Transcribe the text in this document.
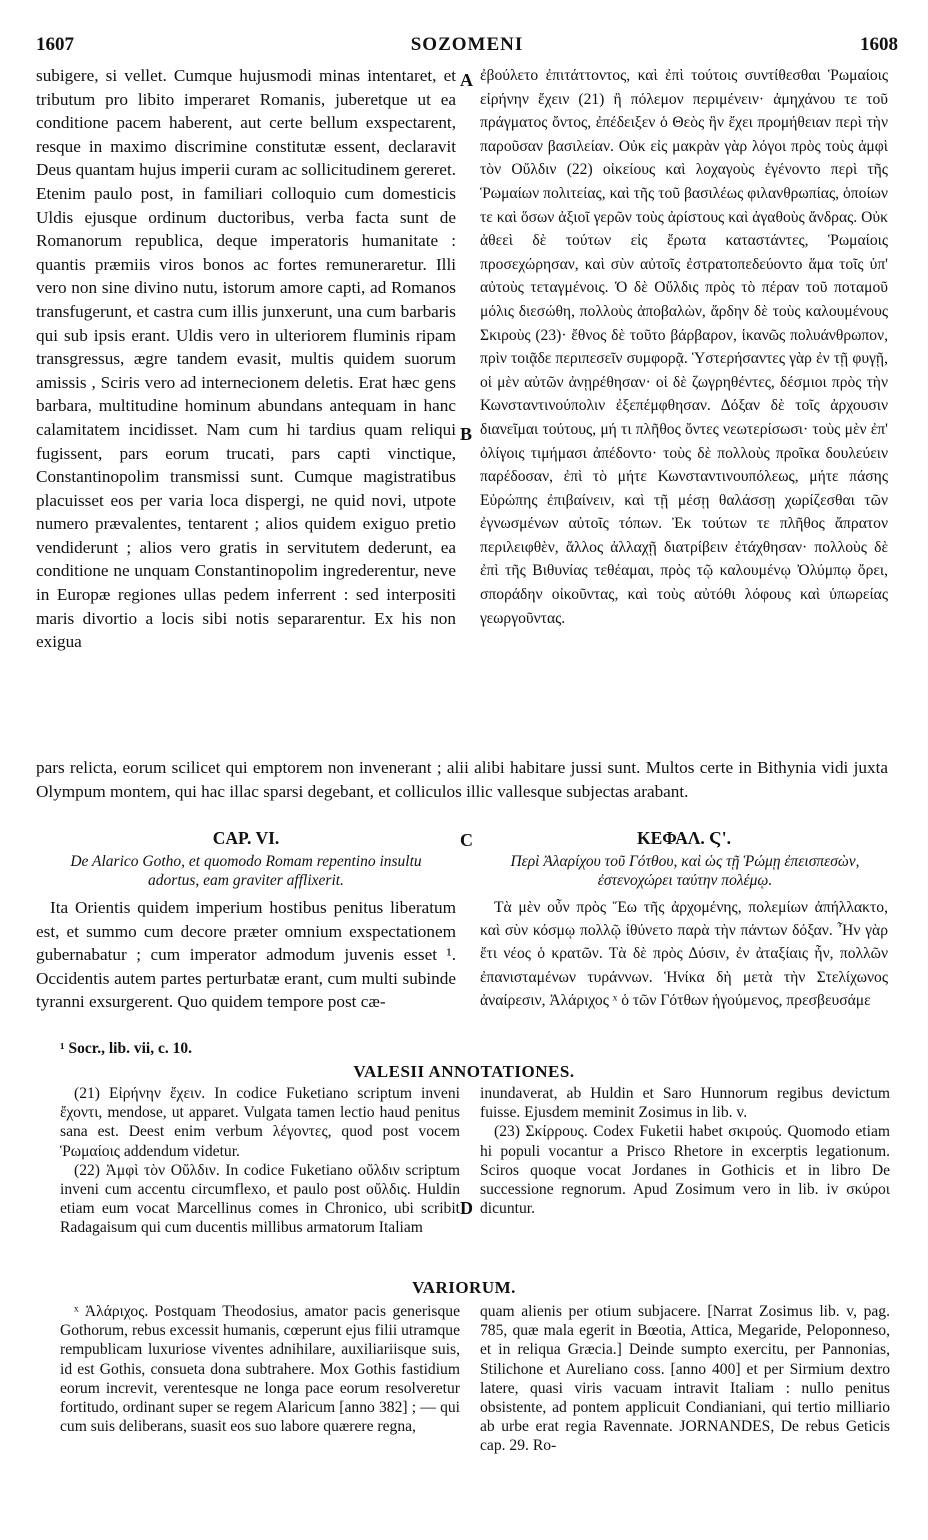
1607	SOZOMENI	1608
A
B
C
D

subigere, si vellet. Cumque hujusmodi minas intentaret, et tributum pro libito imperaret Romanis, juberetque ut ea conditione pacem haberent, aut certe bellum exspectarent, resque in maximo discrimine constitutæ essent, declaravit Deus quantam hujus imperii curam ac sollicitudinem gereret. Etenim paulo post, in familiari colloquio cum domesticis Uldis ejusque ordinum ductoribus, verba facta sunt de Romanorum republica, deque imperatoris humanitate : quantis præmiis viros bonos ac fortes remuneraretur. Illi vero non sine divino nutu, istorum amore capti, ad Romanos transfugerunt, et castra cum illis junxerunt, una cum barbaris qui sub ipsis erant. Uldis vero in ulteriorem fluminis ripam transgressus, ægre tandem evasit, multis quidem suorum amissis , Sciris vero ad internecionem deletis. Erat hæc gens barbara, multitudine hominum abundans antequam in hanc calamitatem incidisset. Nam cum hi tardius quam reliqui fugissent, pars eorum trucati, pars capti vinctique, Constantinopolim transmissi sunt. Cumque magistratibus placuisset eos per varia loca dispergi, ne quid novi, utpote numero prævalentes, tentarent ; alios quidem exiguo pretio vendiderunt ; alios vero gratis in servitutem dederunt, ea conditione ne unquam Constantinopolim ingrederentur, neve in Europæ regiones ullas pedem inferrent : sed interpositi maris divortio a locis sibi notis separarentur. Ex his non exigua

ἐβούλετο ἐπιτάττοντος, καὶ ἐπὶ τούτοις συντίθεσθαι Ῥωμαίοις εἰρήνην ἔχειν (21) ἢ πόλεμον περιμένειν· ἀμηχάνου τε τοῦ πράγματος ὄντος, ἐπέδειξεν ὁ Θεὸς ἣν ἔχει προμήθειαν περὶ τὴν παροῦσαν βασιλείαν. Οὐκ εἰς μακρὰν γὰρ λόγοι πρὸς τοὺς ἀμφὶ τὸν Οὔλδιν (22) οἰκείους καὶ λοχαγοὺς ἐγένοντο περὶ τῆς Ῥωμαίων πολιτείας, καὶ τῆς τοῦ βασιλέως φιλανθρωπίας, ὁποίων τε καὶ ὅσων ἀξιοῖ γερῶν τοὺς ἀρίστους καὶ ἀγαθοὺς ἄνδρας. Οὐκ ἀθεεὶ δὲ τούτων εἰς ἔρωτα καταστάντες, Ῥωμαίοις προσεχώρησαν, καὶ σὺν αὐτοῖς ἐστρατοπεδεύοντο ἅμα τοῖς ὑπ' αὐτοὺς τεταγμένοις. Ὁ δὲ Οὔλδις πρὸς τὸ πέραν τοῦ ποταμοῦ μόλις διεσώθη, πολλοὺς ἀποβαλὼν, ἄρδην δὲ τοὺς καλουμένους Σκιροὺς (23)· ἔθνος δὲ τοῦτο βάρβαρον, ἱκανῶς πολυάνθρωπον, πρὶν τοιᾷδε περιπεσεῖν συμφορᾷ. Ὑστερήσαντες γὰρ ἐν τῇ φυγῇ, οἱ μὲν αὐτῶν ἀνῃρέθησαν· οἱ δὲ ζωγρηθέντες, δέσμιοι πρὸς τὴν Κωνσταντινούπολιν ἐξεπέμφθησαν. Δόξαν δὲ τοῖς ἀρχουσιν διανεῖμαι τούτους, μή τι πλῆθος ὄντες νεωτερίσωσι· τοὺς μὲν ἐπ' ὀλίγοις τιμήμασι ἀπέδοντο· τοὺς δὲ πολλοὺς προῖκα δουλεύειν παρέδοσαν, ἐπὶ τὸ μήτε Κωνσταντινουπόλεως, μήτε πάσης Εὐρώπης ἐπιβαίνειν, καὶ τῇ μέσῃ θαλάσσῃ χωρίζεσθαι τῶν ἐγνωσμένων αὐτοῖς τόπων. Ἐκ τούτων τε πλῆθος ἄπρατον περιλειφθὲν, ἄλλος ἀλλαχῇ διατρίβειν ἐτάχθησαν· πολλοὺς δὲ ἐπὶ τῆς Βιθυνίας τεθέαμαι, πρὸς τῷ καλουμένῳ Ὀλύμπῳ ὄρει, σποράδην οἰκοῦντας, καὶ τοὺς αὐτόθι λόφους καὶ ὑπωρείας γεωργοῦντας.

pars relicta, eorum scilicet qui emptorem non invenerant ; alii alibi habitare jussi sunt. Multos certe in Bithynia vidi juxta Olympum montem, qui hac illac sparsi degebant, et colliculos illic vallesque subjectas arabant.
CAP. VI.
De Alarico Gotho, et quomodo Romam repentino insultu adortus, eam graviter afflixerit.
ΚΕΦΑΛ. Ϛ'.
Περὶ Ἀλαρίχου τοῦ Γότθου, καὶ ὡς τῇ Ῥώμῃ ἐπεισπεσὼν, ἐστενοχώρει ταύτην πολέμῳ.

Ita Orientis quidem imperium hostibus penitus liberatum est, et summo cum decore præter omnium exspectationem gubernabatur ; cum imperator admodum juvenis esset ¹. Occidentis autem partes perturbatæ erant, cum multi subinde tyranni exsurgerent. Quo quidem tempore post cæ-

Τὰ μὲν οὖν πρὸς Ἕω τῆς ἀρχομένης, πολεμίων ἀπήλλακτο, καὶ σὺν κόσμῳ πολλῷ ἰθύνετο παρὰ τὴν πάντων δόξαν. Ἦν γὰρ ἔτι νέος ὁ κρατῶν. Τὰ δὲ πρὸς Δύσιν, ἐν ἀταξίαις ἦν, πολλῶν ἐπανισταμένων τυράννων. Ἡνίκα δὴ μετὰ τὴν Στελίχωνος ἀναίρεσιν, Ἀλάριχος ˣ ὁ τῶν Γότθων ἡγούμενος, πρεσβευσάμε

¹ Socr., lib. vii, c. 10.
VALESII ANNOTATIONES.

(21) Εἰρήνην ἔχειν. In codice Fuketiano scriptum inveni ἔχοντι, mendose, ut apparet. Vulgata tamen lectio haud penitus sana est. Deest enim verbum λέγοντες, quod post vocem Ῥωμαίοις addendum videtur.

(22) Ἀμφὶ τὸν Οὔλδιν. In codice Fuketiano οὔλδιν scriptum inveni cum accentu circumflexo, et paulo post οὔλδις. Huldin etiam eum vocat Marcellinus comes in Chronico, ubi scribit Radagaisum qui cum ducentis millibus armatorum Italiam

inundaverat, ab Huldin et Saro Hunnorum regibus devictum fuisse. Ejusdem meminit Zosimus in lib. v.

(23) Σκίρρους. Codex Fuketii habet σκιρούς. Quomodo etiam hi populi vocantur a Prisco Rhetore in excerptis legationum. Sciros quoque vocat Jordanes in Gothicis et in libro De successione regnorum. Apud Zosimum vero in lib. iv σκύροι dicuntur.

VARIORUM.

ˣ Ἀλάριχος. Postquam Theodosius, amator pacis generisque Gothorum, rebus excessit humanis, cœperunt ejus filii utramque rempublicam luxuriose viventes adnihilare, auxiliariisque suis, id est Gothis, consueta dona subtrahere. Mox Gothis fastidium eorum increvit, verentesque ne longa pace eorum resolveretur fortitudo, ordinant super se regem Alaricum [anno 382] ; — qui cum suis deliberans, suasit eos suo labore quærere regna,

quam alienis per otium subjacere. [Narrat Zosimus lib. v, pag. 785, quæ mala egerit in Bœotia, Attica, Megaride, Peloponneso, et in reliqua Græcia.] Deinde sumpto exercitu, per Pannonias, Stilichone et Aureliano coss. [anno 400] et per Sirmium dextro latere, quasi viris vacuam intravit Italiam : nullo penitus obsistente, ad pontem applicuit Condianiani, qui tertio milliario ab urbe erat regia Ravennate. JORNANDES, De rebus Geticis cap. 29. Ro-
